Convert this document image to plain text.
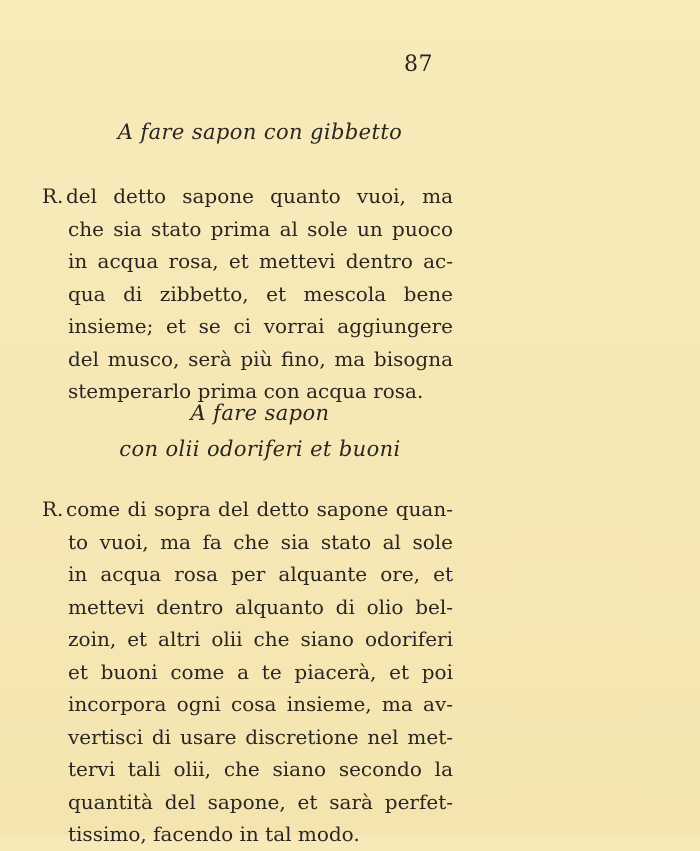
87
A fare sapon con gibbetto
R. del detto sapone quanto vuoi, ma
che sia stato prima al sole un puoco
in acqua rosa, et mettevi dentro ac-
qua di zibbetto, et mescola bene
insieme; et se ci vorrai aggiungere
del musco, serà più fino, ma bisogna
stemperarlo prima con acqua rosa.
A fare sapon
con olii odoriferi et buoni
R. come di sopra del detto sapone quan-
to vuoi, ma fa che sia stato al sole
in acqua rosa per alquante ore, et
mettevi dentro alquanto di olio bel-
zoin, et altri olii che siano odoriferi
et buoni come a te piacerà, et poi
incorpora ogni cosa insieme, ma av-
vertisci di usare discretione nel met-
tervi tali olii, che siano secondo la
quantità del sapone, et sarà perfet-
tissimo, facendo in tal modo.
